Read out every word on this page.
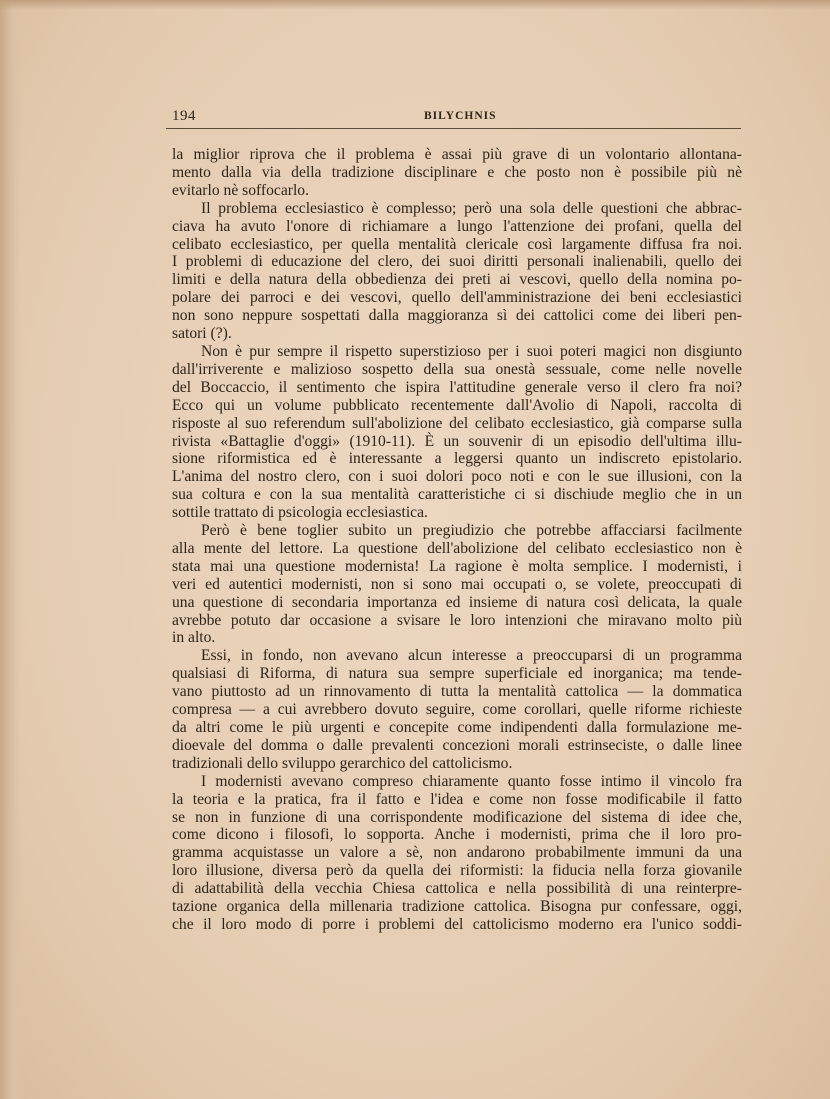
194	BILYCHNIS
la miglior riprova che il problema è assai più grave di un volontario allontana-
mento dalla via della tradizione disciplinare e che posto non è possibile più nè
evitarlo nè soffocarlo.
Il problema ecclesiastico è complesso; però una sola delle questioni che abbrac-
ciava ha avuto l'onore di richiamare a lungo l'attenzione dei profani, quella del
celibato ecclesiastico, per quella mentalità clericale così largamente diffusa fra noi.
I problemi di educazione del clero, dei suoi diritti personali inalienabili, quello dei
limiti e della natura della obbedienza dei preti ai vescovi, quello della nomina po-
polare dei parroci e dei vescovi, quello dell'amministrazione dei beni ecclesiastici
non sono neppure sospettati dalla maggioranza sì dei cattolici come dei liberi pen-
satori (?).
Non è pur sempre il rispetto superstizioso per i suoi poteri magici non disgiunto
dall'irriverente e malizioso sospetto della sua onestà sessuale, come nelle novelle
del Boccaccio, il sentimento che ispira l'attitudine generale verso il clero fra noi?
Ecco qui un volume pubblicato recentemente dall'Avolio di Napoli, raccolta di
risposte al suo referendum sull'abolizione del celibato ecclesiastico, già comparse sulla
rivista «Battaglie d'oggi» (1910-11). È un souvenir di un episodio dell'ultima illu-
sione riformistica ed è interessante a leggersi quanto un indiscreto epistolario.
L'anima del nostro clero, con i suoi dolori poco noti e con le sue illusioni, con la
sua coltura e con la sua mentalità caratteristiche ci si dischiude meglio che in un
sottile trattato di psicologia ecclesiastica.
Però è bene toglier subito un pregiudizio che potrebbe affacciarsi facilmente
alla mente del lettore. La questione dell'abolizione del celibato ecclesiastico non è
stata mai una questione modernista! La ragione è molta semplice. I modernisti, i
veri ed autentici modernisti, non si sono mai occupati o, se volete, preoccupati di
una questione di secondaria importanza ed insieme di natura così delicata, la quale
avrebbe potuto dar occasione a svisare le loro intenzioni che miravano molto più
in alto.
Essi, in fondo, non avevano alcun interesse a preoccuparsi di un programma
qualsiasi di Riforma, di natura sua sempre superficiale ed inorganica; ma tende-
vano piuttosto ad un rinnovamento di tutta la mentalità cattolica — la dommatica
compresa — a cui avrebbero dovuto seguire, come corollari, quelle riforme richieste
da altri come le più urgenti e concepite come indipendenti dalla formulazione me-
dioevale del domma o dalle prevalenti concezioni morali estrinseciste, o dalle linee
tradizionali dello sviluppo gerarchico del cattolicismo.
I modernisti avevano compreso chiaramente quanto fosse intimo il vincolo fra
la teoria e la pratica, fra il fatto e l'idea e come non fosse modificabile il fatto
se non in funzione di una corrispondente modificazione del sistema di idee che,
come dicono i filosofi, lo sopporta. Anche i modernisti, prima che il loro pro-
gramma acquistasse un valore a sè, non andarono probabilmente immuni da una
loro illusione, diversa però da quella dei riformisti: la fiducia nella forza giovanile
di adattabilità della vecchia Chiesa cattolica e nella possibilità di una reinterpre-
tazione organica della millenaria tradizione cattolica. Bisogna pur confessare, oggi,
che il loro modo di porre i problemi del cattolicismo moderno era l'unico soddi-
